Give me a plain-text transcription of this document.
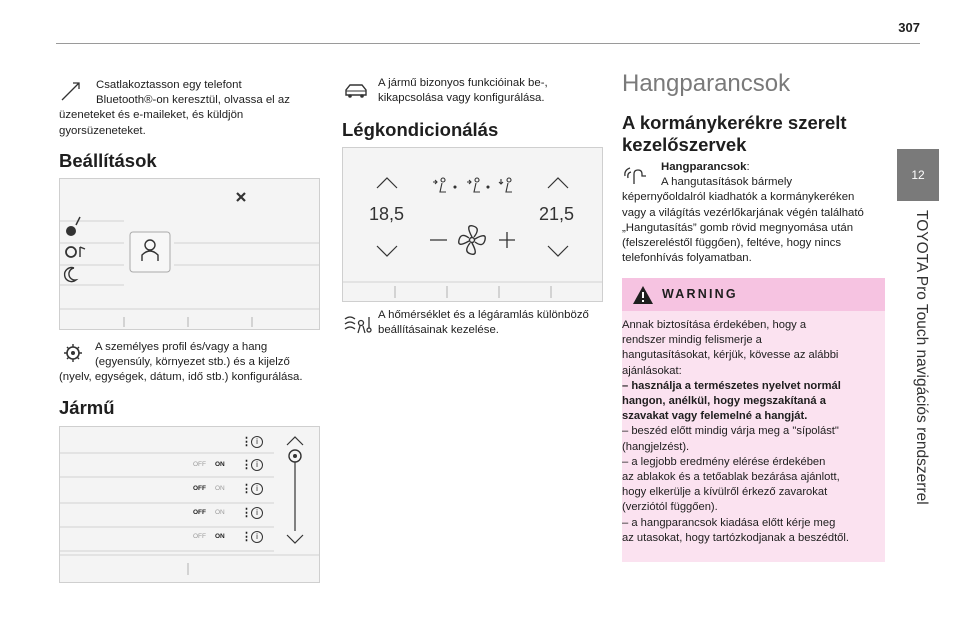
307
12
TOYOTA Pro Touch navigációs rendszerrel
Csatlakoztasson egy telefont
Bluetooth®-on keresztül, olvassa el az
üzeneteket és e-maileket, és küldjön
gyorsüzeneteket.
Beállítások
A személyes profil és/vagy a hang
(egyensúly, környezet stb.) és a kijelző
(nyelv, egységek, dátum, idő stb.) konfigurálása.
Jármű
⋮ i
OFF ON ⋮ i
OFF ON ⋮ i
OFF ON ⋮ i
OFF ON ⋮ i
A jármű bizonyos funkcióinak be-,
kikapcsolása vagy konfigurálása.
Légkondicionálás
18,5	21,5
A hőmérséklet és a légáramlás különböző
beállításainak kezelése.
Hangparancsok
A kormánykerékre szerelt
kezelőszervek
Hangparancsok:
A hangutasítások bármely
képernyőoldalról kiadhatók a kormánykeréken
vagy a világítás vezérlőkarjának végén található
„Hangutasítás” gomb rövid megnyomása után
(felszereléstől függően), feltéve, hogy nincs
telefonhívás folyamatban.
WARNING
Annak biztosítása érdekében, hogy a
rendszer mindig felismerje a
hangutasításokat, kérjük, kövesse az alábbi
ajánlásokat:
– használja a természetes nyelvet normál
hangon, anélkül, hogy megszakítaná a
szavakat vagy felemelné a hangját.
– beszéd előtt mindig várja meg a "sípolást"
(hangjelzést).
– a legjobb eredmény elérése érdekében
az ablakok és a tetőablak bezárása ajánlott,
hogy elkerülje a kívülről érkező zavarokat
(verziótól függően).
– a hangparancsok kiadása előtt kérje meg
az utasokat, hogy tartózkodjanak a beszédtől.
